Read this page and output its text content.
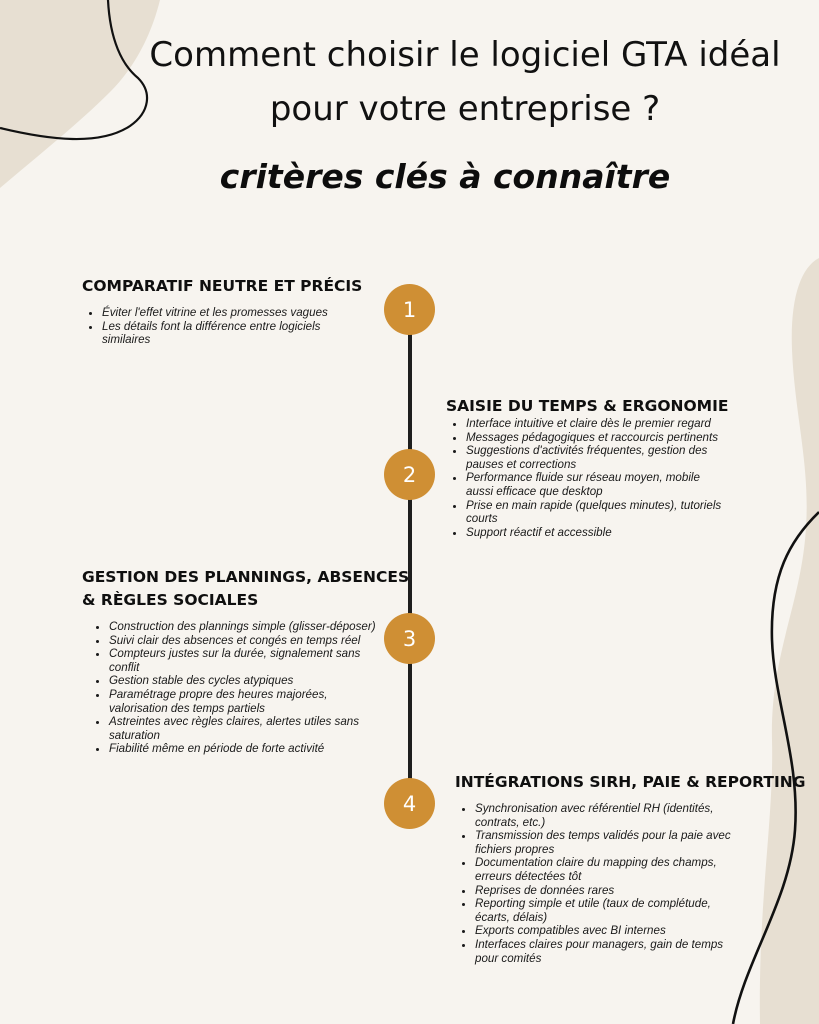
Comment choisir le logiciel GTA idéal
pour votre entreprise ?
critères clés à connaître
1
2
3
4
COMPARATIF NEUTRE ET PRÉCIS
• Éviter l'effet vitrine et les promesses vagues
• Les détails font la différence entre logiciels similaires
SAISIE DU TEMPS & ERGONOMIE
• Interface intuitive et claire dès le premier regard
• Messages pédagogiques et raccourcis pertinents
• Suggestions d'activités fréquentes, gestion des pauses et corrections
• Performance fluide sur réseau moyen, mobile aussi efficace que desktop
• Prise en main rapide (quelques minutes), tutoriels courts
• Support réactif et accessible
GESTION DES PLANNINGS, ABSENCES
& RÈGLES SOCIALES
• Construction des plannings simple (glisser-déposer)
• Suivi clair des absences et congés en temps réel
• Compteurs justes sur la durée, signalement sans conflit
• Gestion stable des cycles atypiques
• Paramétrage propre des heures majorées, valorisation des temps partiels
• Astreintes avec règles claires, alertes utiles sans saturation
• Fiabilité même en période de forte activité
INTÉGRATIONS SIRH, PAIE & REPORTING
• Synchronisation avec référentiel RH (identités, contrats, etc.)
• Transmission des temps validés pour la paie avec fichiers propres
• Documentation claire du mapping des champs, erreurs détectées tôt
• Reprises de données rares
• Reporting simple et utile (taux de complétude, écarts, délais)
• Exports compatibles avec BI internes
• Interfaces claires pour managers, gain de temps pour comités
